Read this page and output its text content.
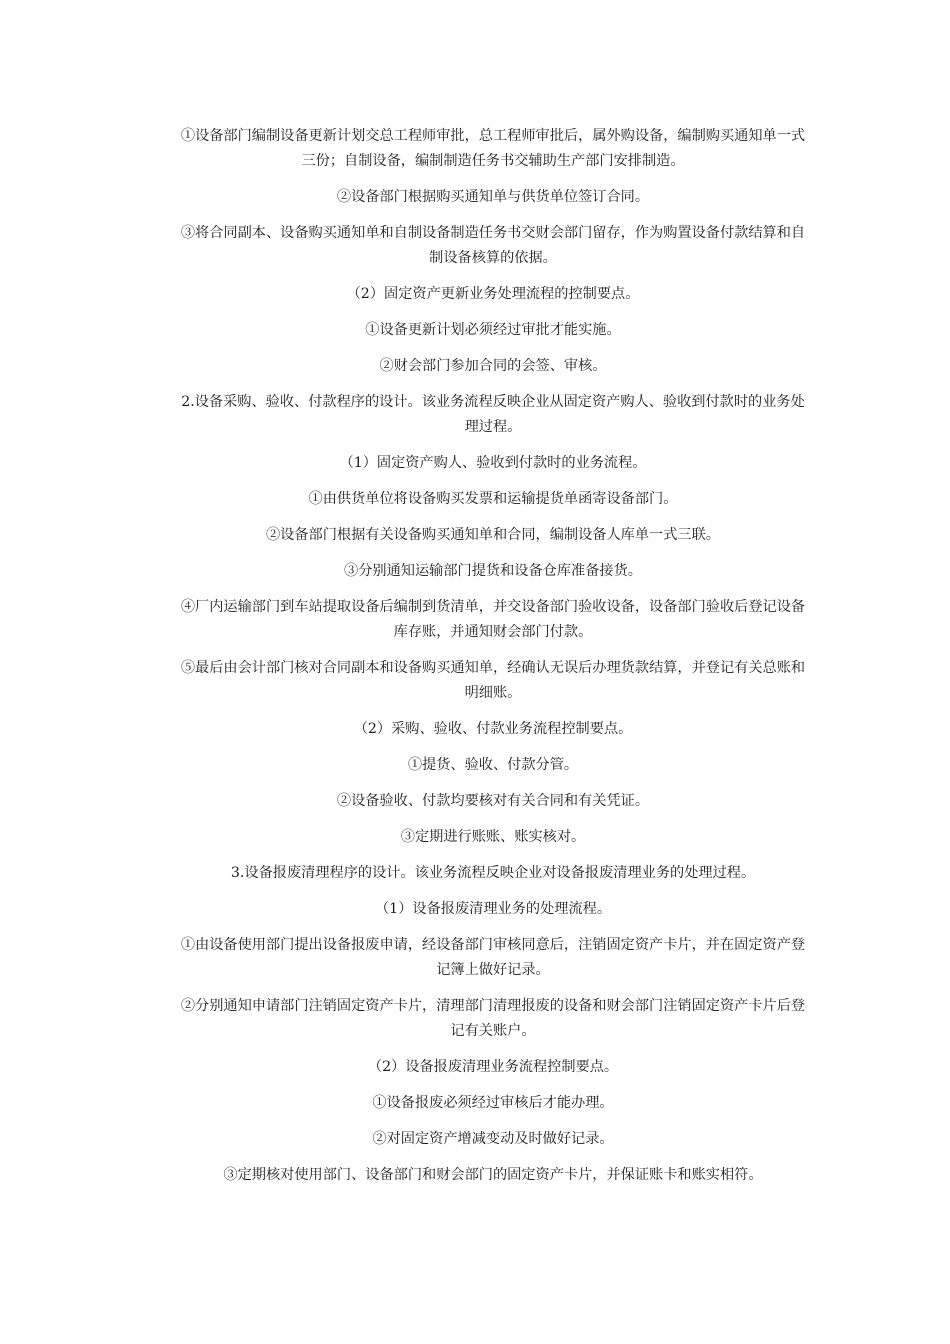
①设备部门编制设备更新计划交总工程师审批，总工程师审批后，属外购设备，编制购买通知单一式三份；自制设备，编制制造任务书交辅助生产部门安排制造。

②设备部门根据购买通知单与供货单位签订合同。

③将合同副本、设备购买通知单和自制设备制造任务书交财会部门留存，作为购置设备付款结算和自制设备核算的依据。

（2）固定资产更新业务处理流程的控制要点。

①设备更新计划必须经过审批才能实施。

②财会部门参加合同的会签、审核。

2.设备采购、验收、付款程序的设计。该业务流程反映企业从固定资产购人、验收到付款时的业务处理过程。

（1）固定资产购人、验收到付款时的业务流程。

①由供货单位将设备购买发票和运输提货单函寄设备部门。

②设备部门根据有关设备购买通知单和合同，编制设备人库单一式三联。

③分别通知运输部门提货和设备仓库准备接货。

④厂内运输部门到车站提取设备后编制到货清单，并交设备部门验收设备，设备部门验收后登记设备库存账，并通知财会部门付款。

⑤最后由会计部门核对合同副本和设备购买通知单，经确认无误后办理货款结算，并登记有关总账和明细账。

（2）采购、验收、付款业务流程控制要点。

①提货、验收、付款分管。

②设备验收、付款均要核对有关合同和有关凭证。

③定期进行账账、账实核对。

3.设备报废清理程序的设计。该业务流程反映企业对设备报废清理业务的处理过程。

（1）设备报废清理业务的处理流程。

①由设备使用部门提出设备报废申请，经设备部门审核同意后，注销固定资产卡片，并在固定资产登记簿上做好记录。

②分别通知申请部门注销固定资产卡片，清理部门清理报废的设备和财会部门注销固定资产卡片后登记有关账户。

（2）设备报废清理业务流程控制要点。

①设备报废必须经过审核后才能办理。

②对固定资产增减变动及时做好记录。

③定期核对使用部门、设备部门和财会部门的固定资产卡片，并保证账卡和账实相符。
